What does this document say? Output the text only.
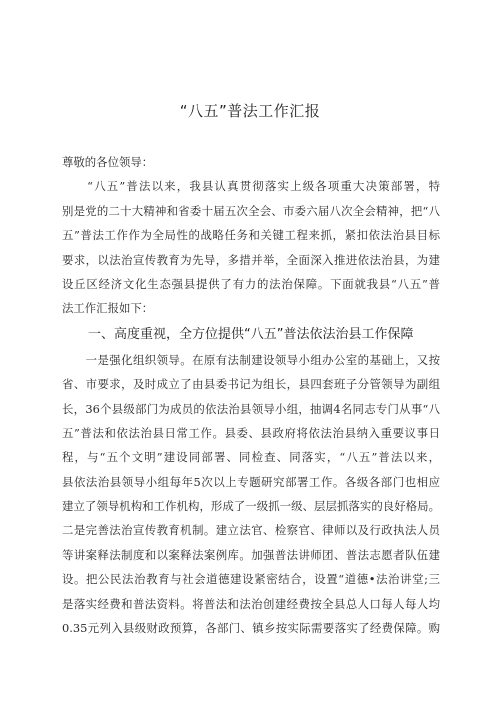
“八五”普法工作汇报
尊敬的各位领导：
　　“八五”普法以来，我县认真贯彻落实上级各项重大决策部署，特
别是党的二十大精神和省委十届五次全会、市委六届八次全会精神，把“八
五”普法工作作为全局性的战略任务和关键工程来抓，紧扣依法治县目标
要求，以法治宣传教育为先导，多措并举，全面深入推进依法治县，为建
设丘区经济文化生态强县提供了有力的法治保障。下面就我县“八五”普
法工作汇报如下：
　　一、高度重视，全方位提供“八五”普法依法治县工作保障
　　一是强化组织领导。在原有法制建设领导小组办公室的基础上，又按
省、市要求，及时成立了由县委书记为组长，县四套班子分管领导为副组
长，36个县级部门为成员的依法治县领导小组，抽调4名同志专门从事“八
五”普法和依法治县日常工作。县委、县政府将依法治县纳入重要议事日
程，与“五个文明”建设同部署、同检查、同落实，“八五”普法以来，
县依法治县领导小组每年5次以上专题研究部署工作。各级各部门也相应
建立了领导机构和工作机构，形成了一级抓一级、层层抓落实的良好格局。
二是完善法治宣传教育机制。建立法官、检察官、律师以及行政执法人员
等讲案释法制度和以案释法案例库。加强普法讲师团、普法志愿者队伍建
设。把公民法治教育与社会道德建设紧密结合，设置“道德•法治讲堂;三
是落实经费和普法资料。将普法和法治创建经费按全县总人口每人每人均
0.35元列入县级财政预算，各部门、镇乡按实际需要落实了经费保障。购
